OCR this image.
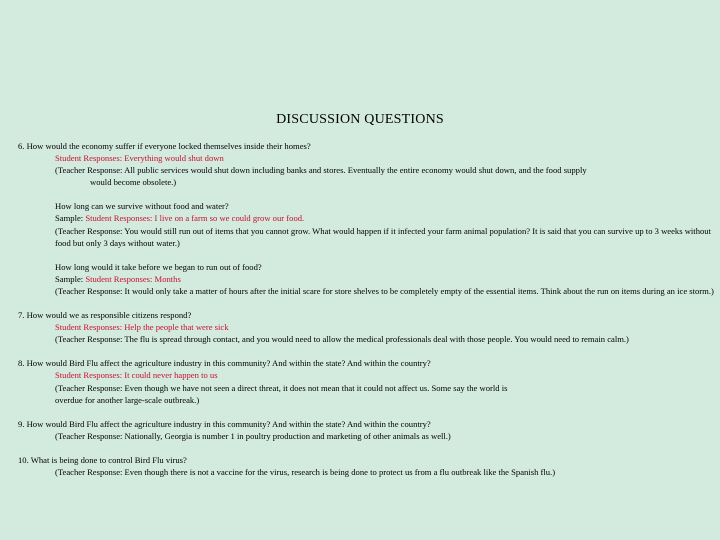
DISCUSSION QUESTIONS

6. How would the economy suffer if everyone locked themselves inside their homes?

Student Responses: Everything would shut down

(Teacher Response: All public services would shut down including banks and stores. Eventually the entire economy would shut down, and the food supply

would become obsolete.)

How long can we survive without food and water?

Sample: Student Responses: I live on a farm so we could grow our food.

(Teacher Response: You would still run out of items that you cannot grow. What would happen if it infected your farm animal population? It is said that you can survive up to 3 weeks without food but only 3 days without water.)

How long would it take before we began to run out of food?

Sample: Student Responses: Months

(Teacher Response: It would only take a matter of hours after the initial scare for store shelves to be completely empty of the essential items. Think about the run on items during an ice storm.)

7. How would we as responsible citizens respond?

Student Responses: Help the people that were sick

(Teacher Response: The flu is spread through contact, and you would need to allow the medical professionals deal with those people. You would need to remain calm.)

8. How would Bird Flu affect the agriculture industry in this community? And within the state? And within the country?

Student Responses: It could never happen to us

(Teacher Response: Even though we have not seen a direct threat, it does not mean that it could not affect us. Some say the world is

overdue for another large-scale outbreak.)

9. How would Bird Flu affect the agriculture industry in this community? And within the state? And within the country?

(Teacher Response: Nationally, Georgia is number 1 in poultry production and marketing of other animals as well.)

10. What is being done to control Bird Flu virus?

(Teacher Response: Even though there is not a vaccine for the virus, research is being done to protect us from a flu outbreak like the Spanish flu.)
